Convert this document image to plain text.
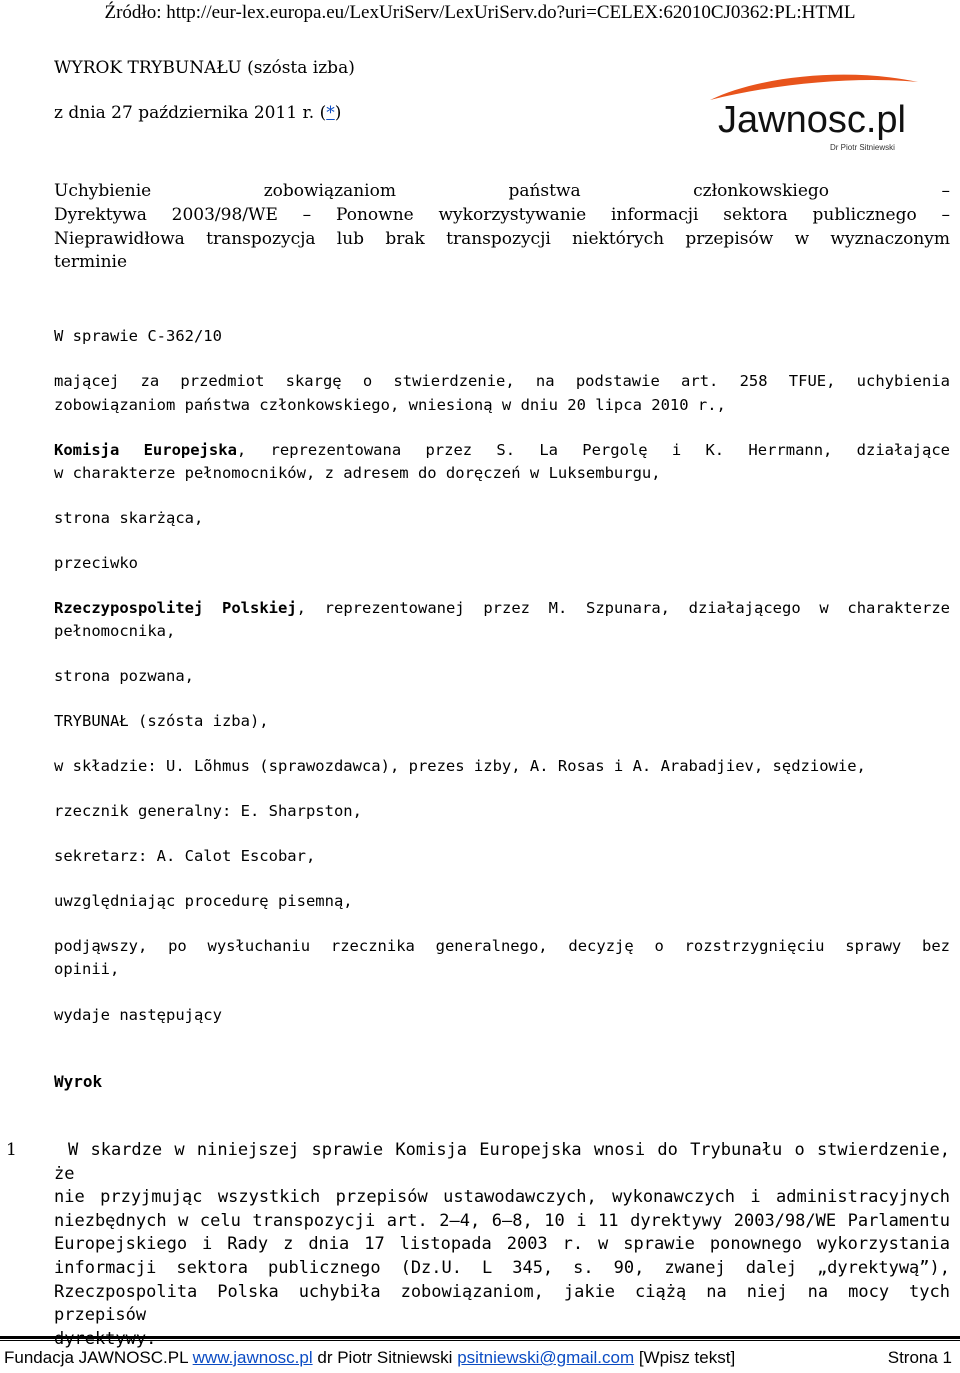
Źródło: http://eur-lex.europa.eu/LexUriServ/LexUriServ.do?uri=CELEX:62010CJ0362:PL:HTML
Jawnosc.pl
Dr Piotr Sitniewski
WYROK TRYBUNAŁU (szósta izba)
z dnia 27 października 2011 r. (*)
Uchybienie zobowiązaniom państwa członkowskiego –
Dyrektywa 2003/98/WE – Ponowne wykorzystywanie informacji sektora publicznego –
Nieprawidłowa transpozycja lub brak transpozycji niektórych przepisów w wyznaczonym
terminie
W sprawie C-362/10
mającej za przedmiot skargę o stwierdzenie, na podstawie art. 258 TFUE, uchybienia
zobowiązaniom państwa członkowskiego, wniesioną w dniu 20 lipca 2010 r.,
Komisja Europejska, reprezentowana przez S. La Pergolę i K. Herrmann, działające
w charakterze pełnomocników, z adresem do doręczeń w Luksemburgu,
strona skarżąca,
przeciwko
Rzeczypospolitej Polskiej, reprezentowanej przez M. Szpunara, działającego w charakterze
pełnomocnika,
strona pozwana,
TRYBUNAŁ (szósta izba),
w składzie: U. Lõhmus (sprawozdawca), prezes izby, A. Rosas i A. Arabadjiev, sędziowie,
rzecznik generalny: E. Sharpston,
sekretarz: A. Calot Escobar,
uwzględniając procedurę pisemną,
podjąwszy, po wysłuchaniu rzecznika generalnego, decyzję o rozstrzygnięciu sprawy bez
opinii,
wydaje następujący
Wyrok
1	W skardze w niniejszej sprawie Komisja Europejska wnosi do Trybunału o stwierdzenie, że
nie przyjmując wszystkich przepisów ustawodawczych, wykonawczych i administracyjnych
niezbędnych w celu transpozycji art. 2–4, 6–8, 10 i 11 dyrektywy 2003/98/WE Parlamentu
Europejskiego i Rady z dnia 17 listopada 2003 r. w sprawie ponownego wykorzystania
informacji sektora publicznego (Dz.U. L 345, s. 90, zwanej dalej „dyrektywą”),
Rzeczpospolita Polska uchybiła zobowiązaniom, jakie ciążą na niej na mocy tych przepisów
Fundacja JAWNOSC.PL www.jawnosc.pl dr Piotr Sitniewski psitniewski@gmail.com [Wpisz tekst]	Strona 1
